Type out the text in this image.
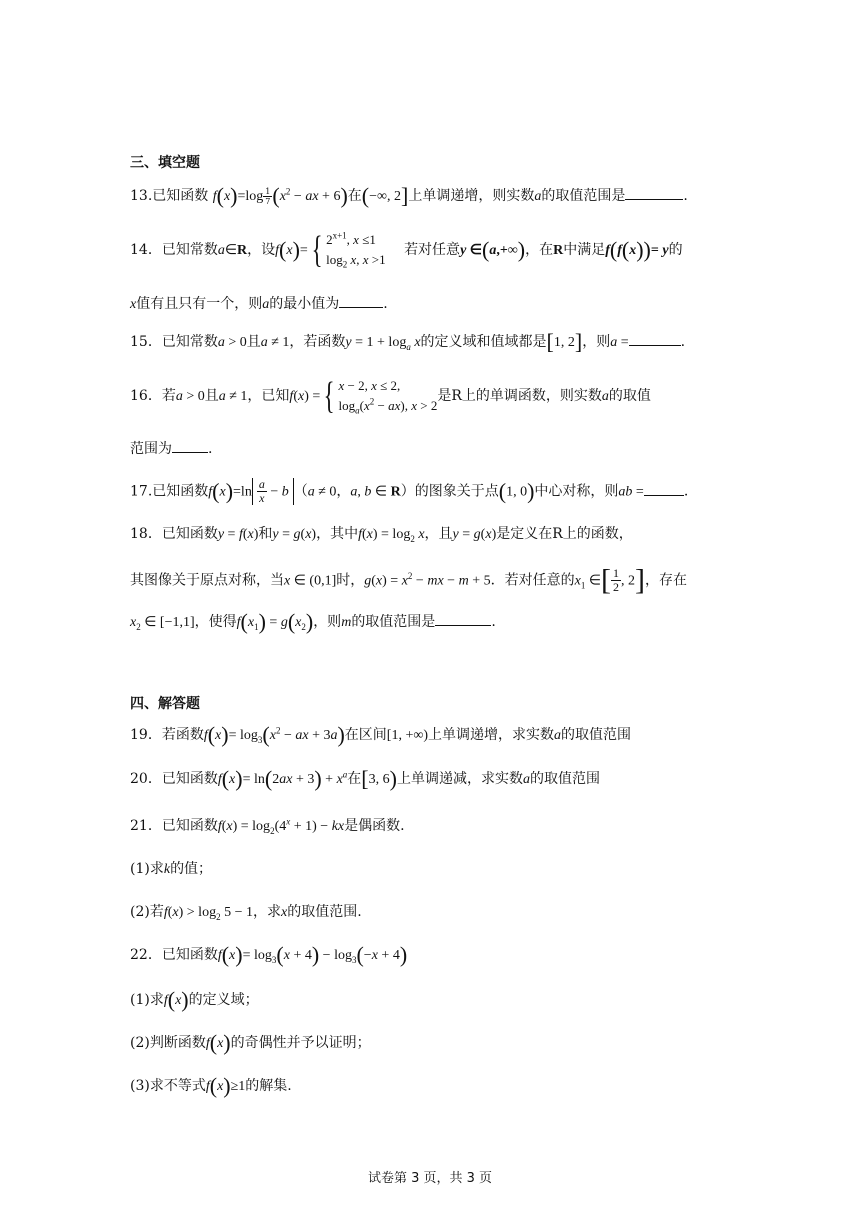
三、填空题
13.已知函数 $f(x)=\log \frac{1}{7} (x^2$ − ax + 6)在(−∞, 2]上单调递增，则实数a的取值范围是	.
14．已知常数a∈R，设f(x)={ $2^{x+1}$, x ≤1
$\log_2 x$, x >1
若对任意y ∈(a,+∞)，在R中满足f(f(x))= y的
x值有且只有一个，则a的最小值为	.
15．已知常数a > 0且a ≠ 1，若函数$y = 1 + \log_a x$的定义域和值域都是[1, 2]，则a =	.
16．若a > 0且a ≠ 1，已知f(x) ={ x − 2, x ≤ 2,
$\log_a(x^2 - ax)$, x > 2
是R上的单调函数，则实数a的取值
范围为	.
17.已知函数$f(x)=\ln \frac{a}{x} - b$ （a ≠ 0，a, b ∈ R）的图象关于点(1, 0)中心对称，则ab =	.
18．已知函数y = f(x)和y = g(x)，其中$f(x) = \log_2 x$，且y = g(x)是定义在R上的函数，
其图像关于原点对称，当x ∈ (0,1]时，$g(x) = x^2$ − mx − m + 5．若对任意的$x_1$ ∈[ $\frac{1}{2}$ , 2]，存在
$x_2$ ∈ [−1,1]，使得$f(x_1) = g(x_2)$，则m的取值范围是	.
四、解答题
19．若函数$f(x)= \log_3(x^2$ − ax + 3a)在区间[1, +∞)上单调递增，求实数a的取值范围
20．已知函数$f(x)= \ln(2ax + 3) + x^a$在[3, 6)上单调递减，求实数a的取值范围
21．已知函数$f(x) = \log_2(4^x + 1)$ − kx是偶函数.
(1)求k的值；
(2)若$f(x) > \log_2 5 - 1$，求x的取值范围.
22．已知函数$f(x)= \log_3(x + 4) - \log_3(-x + 4)$
(1)求f(x)的定义域；
(2)判断函数f(x)的奇偶性并予以证明；
(3)求不等式f(x)≥1的解集.
试卷第 3 页，共 3 页
